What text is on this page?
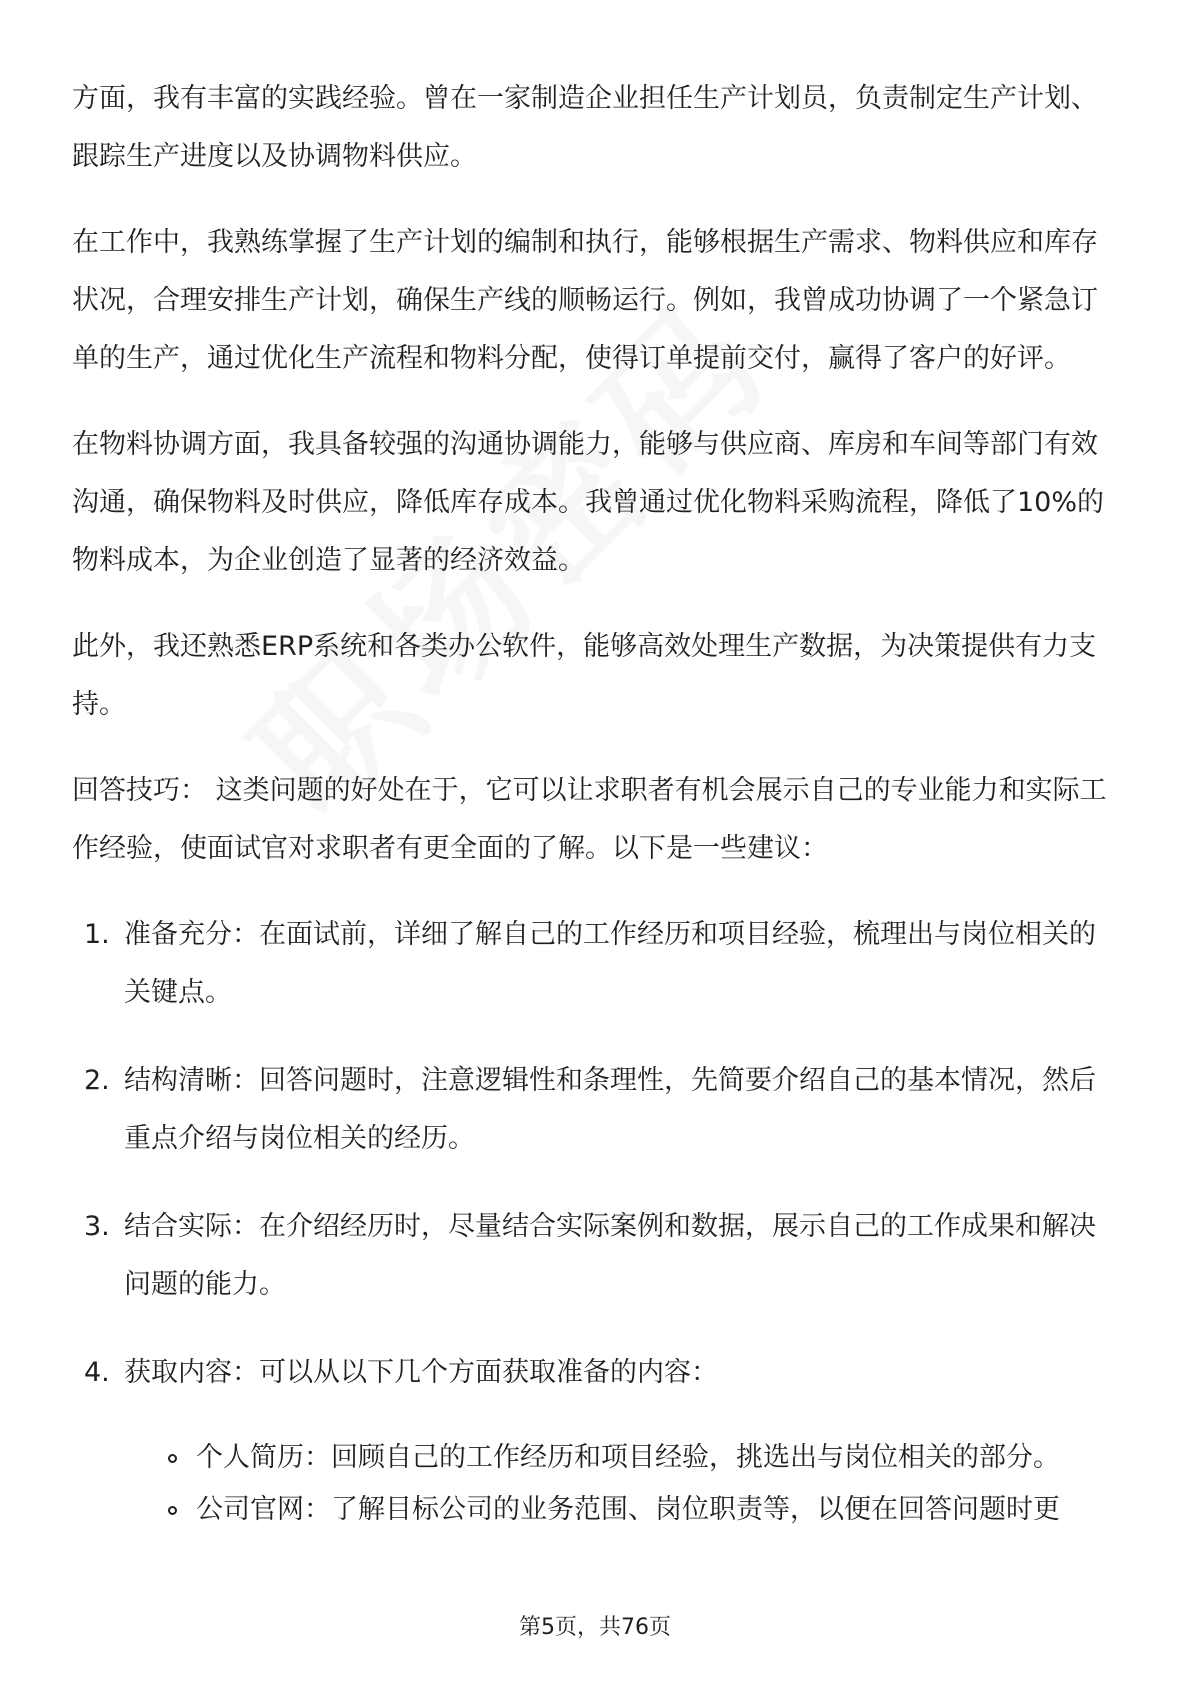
方面，我有丰富的实践经验。曾在一家制造企业担任生产计划员，负责制定生产计划、跟踪生产进度以及协调物料供应。

在工作中，我熟练掌握了生产计划的编制和执行，能够根据生产需求、物料供应和库存状况，合理安排生产计划，确保生产线的顺畅运行。例如，我曾成功协调了一个紧急订单的生产，通过优化生产流程和物料分配，使得订单提前交付，赢得了客户的好评。

在物料协调方面，我具备较强的沟通协调能力，能够与供应商、库房和车间等部门有效沟通，确保物料及时供应，降低库存成本。我曾通过优化物料采购流程，降低了10%的物料成本，为企业创造了显著的经济效益。

此外，我还熟悉ERP系统和各类办公软件，能够高效处理生产数据，为决策提供有力支持。

回答技巧： 这类问题的好处在于，它可以让求职者有机会展示自己的专业能力和实际工作经验，使面试官对求职者有更全面的了解。以下是一些建议：

1. 准备充分：在面试前，详细了解自己的工作经历和项目经验，梳理出与岗位相关的关键点。
2. 结构清晰：回答问题时，注意逻辑性和条理性，先简要介绍自己的基本情况，然后重点介绍与岗位相关的经历。
3. 结合实际：在介绍经历时，尽量结合实际案例和数据，展示自己的工作成果和解决问题的能力。
4. 获取内容：可以从以下几个方面获取准备的内容：
个人简历：回顾自己的工作经历和项目经验，挑选出与岗位相关的部分。
公司官网：了解目标公司的业务范围、岗位职责等，以便在回答问题时更
第5页，共76页
